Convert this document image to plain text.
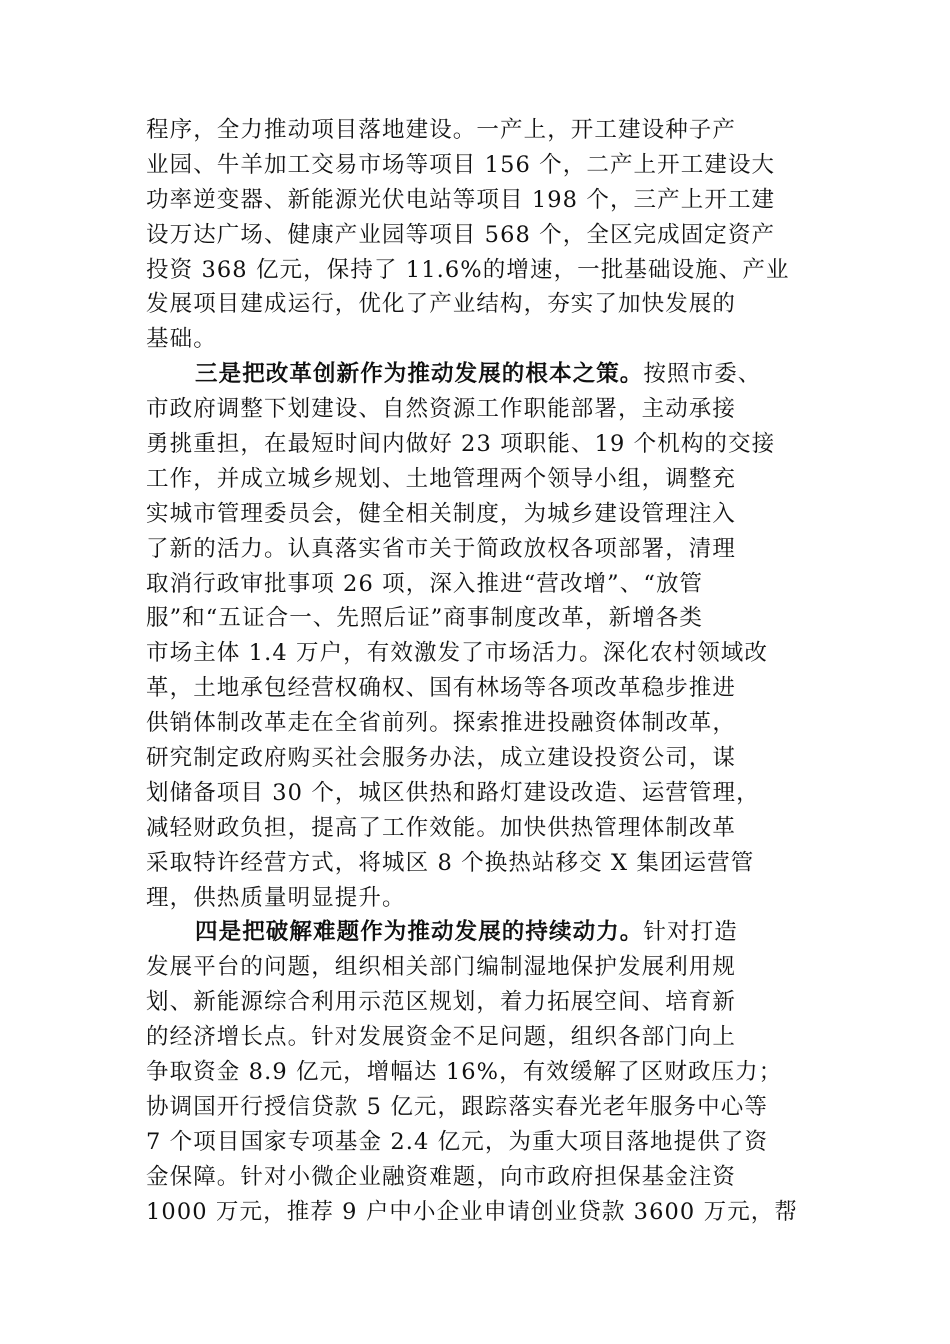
程序，全力推动项目落地建设。一产上，开工建设种子产
业园、牛羊加工交易市场等项目 156 个，二产上开工建设大
功率逆变器、新能源光伏电站等项目 198 个，三产上开工建
设万达广场、健康产业园等项目 568 个，全区完成固定资产
投资 368 亿元，保持了 11.6%的增速，一批基础设施、产业
发展项目建成运行，优化了产业结构，夯实了加快发展的
基础。
三是把改革创新作为推动发展的根本之策。按照市委、
市政府调整下划建设、自然资源工作职能部署，主动承接
勇挑重担，在最短时间内做好 23 项职能、19 个机构的交接
工作，并成立城乡规划、土地管理两个领导小组，调整充
实城市管理委员会，健全相关制度，为城乡建设管理注入
了新的活力。认真落实省市关于简政放权各项部署，清理
取消行政审批事项 26 项，深入推进“营改增”、“放管
服”和“五证合一、先照后证”商事制度改革，新增各类
市场主体 1.4 万户，有效激发了市场活力。深化农村领域改
革，土地承包经营权确权、国有林场等各项改革稳步推进
供销体制改革走在全省前列。探索推进投融资体制改革，
研究制定政府购买社会服务办法，成立建设投资公司，谋
划储备项目 30 个，城区供热和路灯建设改造、运营管理，
减轻财政负担，提高了工作效能。加快供热管理体制改革
采取特许经营方式，将城区 8 个换热站移交 X 集团运营管
理，供热质量明显提升。
四是把破解难题作为推动发展的持续动力。针对打造
发展平台的问题，组织相关部门编制湿地保护发展利用规
划、新能源综合利用示范区规划，着力拓展空间、培育新
的经济增长点。针对发展资金不足问题，组织各部门向上
争取资金 8.9 亿元，增幅达 16%，有效缓解了区财政压力；
协调国开行授信贷款 5 亿元，跟踪落实春光老年服务中心等
7 个项目国家专项基金 2.4 亿元，为重大项目落地提供了资
金保障。针对小微企业融资难题，向市政府担保基金注资
1000 万元，推荐 9 户中小企业申请创业贷款 3600 万元，帮
